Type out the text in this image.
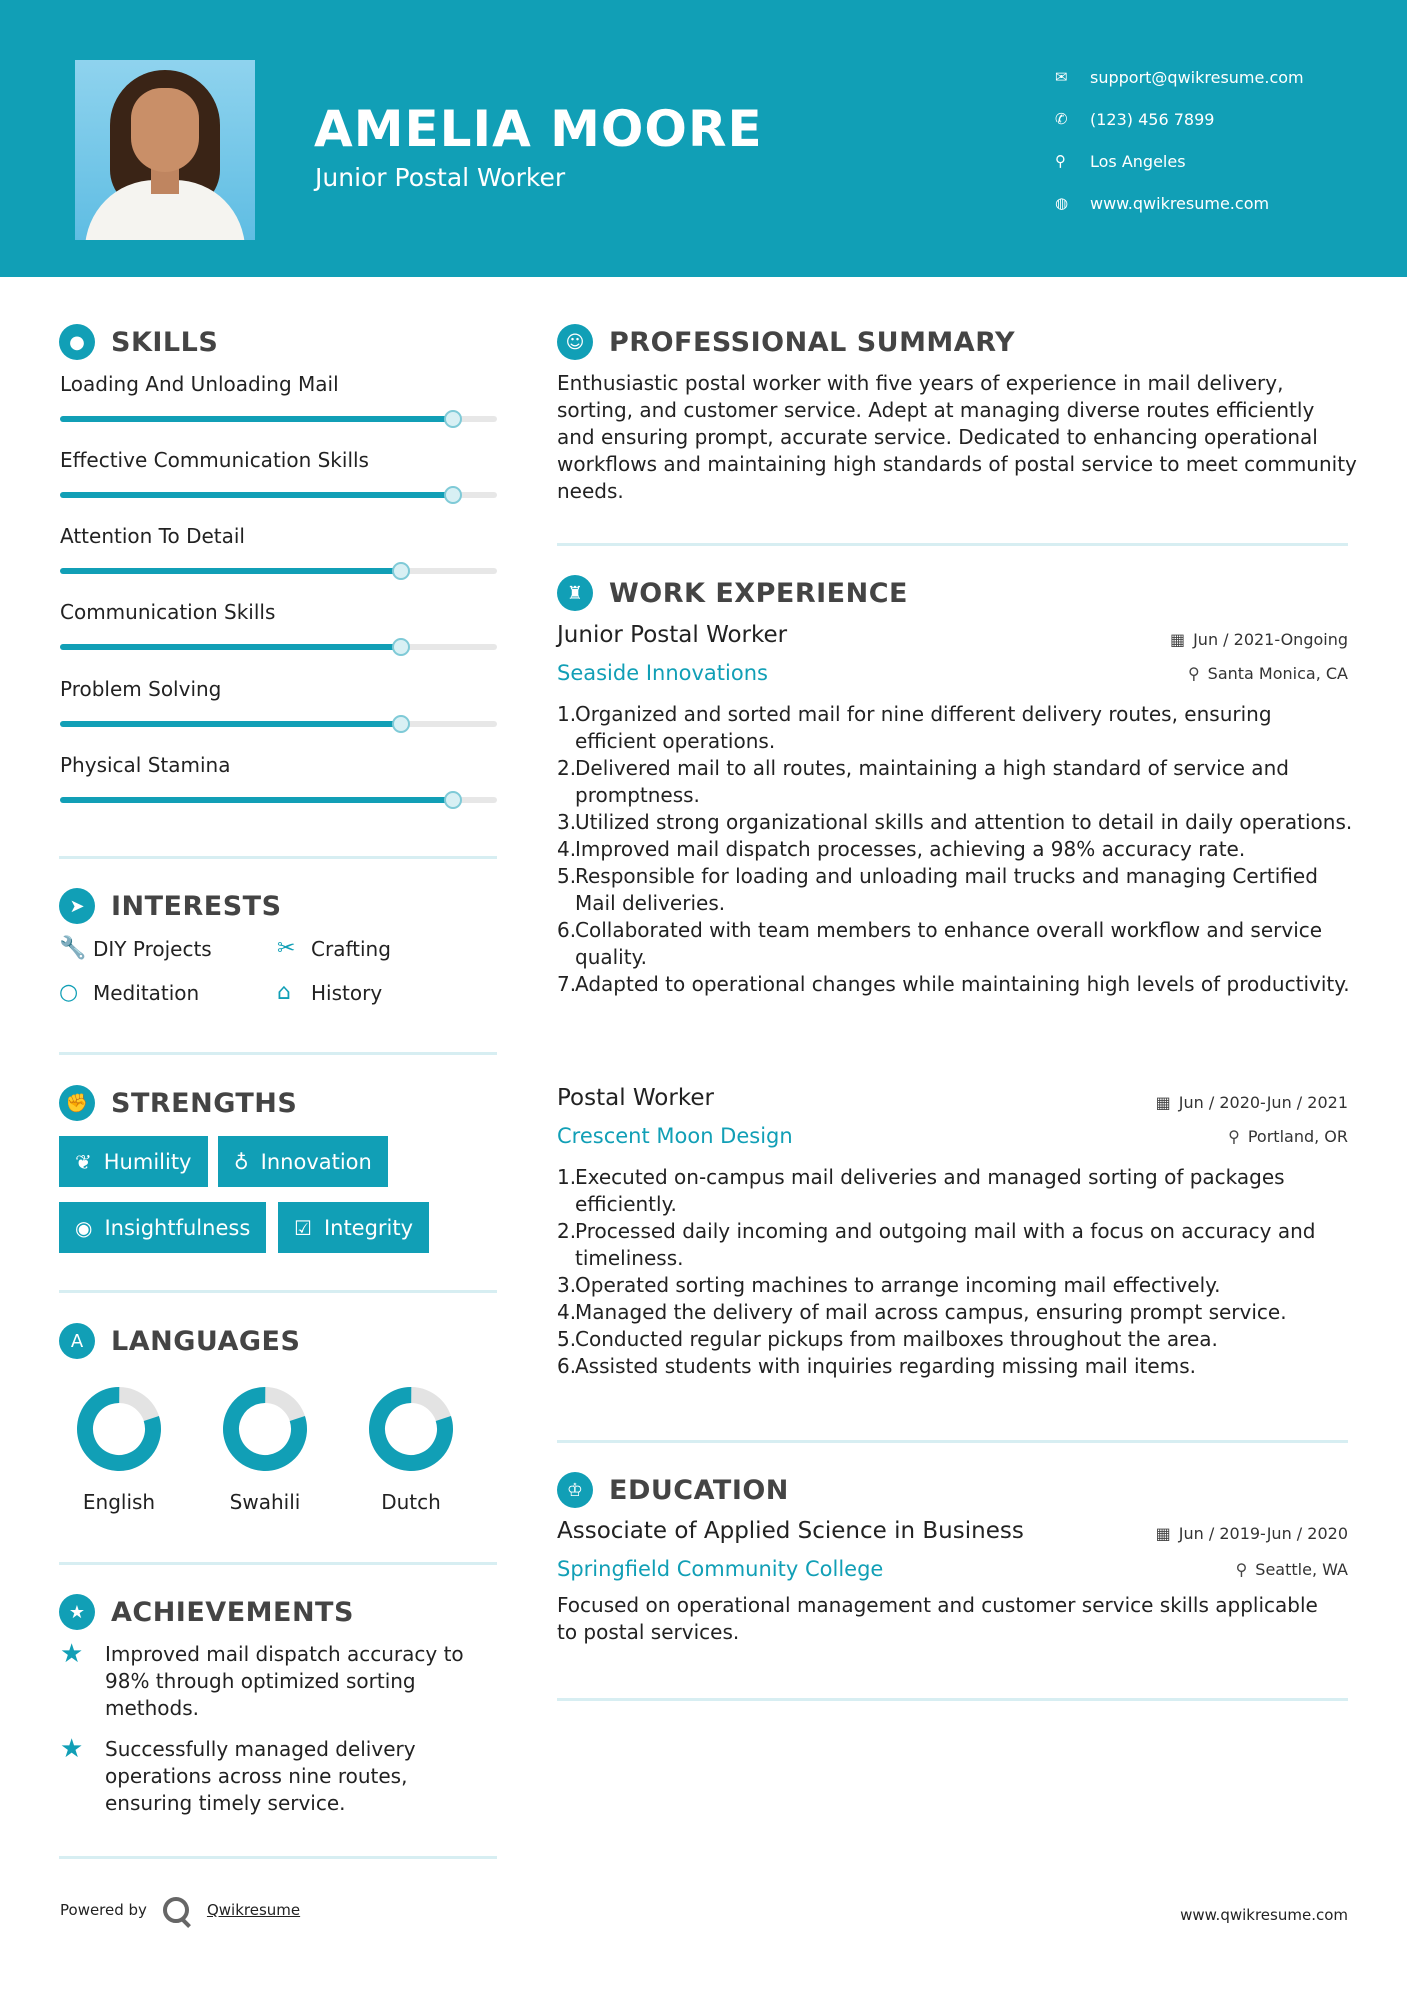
AMELIA MOORE
Junior Postal Worker
✉	support@qwikresume.com
✆	(123) 456 7899
⚲	Los Angeles
◍	www.qwikresume.com
● SKILLS
Loading And Unloading Mail
Effective Communication Skills
Attention To Detail
Communication Skills
Problem Solving
Physical Stamina
➤ INTERESTS
🔧 DIY Projects	✂ Crafting
○ Meditation	⌂	History
✊ STRENGTHS
❦ Humility ♁ Innovation
◉ Insightfulness ☑ Integrity
A	LANGUAGES
English	Swahili	Dutch
★ ACHIEVEMENTS
★	Improved mail dispatch accuracy to 98% through optimized sorting methods.
★	Successfully managed delivery operations across nine routes, ensuring timely service.
☺ PROFESSIONAL SUMMARY
Enthusiastic postal worker with five years of experience in mail delivery, sorting, and customer service. Adept at managing diverse routes efficiently and ensuring prompt, accurate service. Dedicated to enhancing operational workflows and maintaining high standards of postal service to meet community needs.
♜ WORK EXPERIENCE
Junior Postal Worker	▦ Jun / 2021-Ongoing
Seaside Innovations	⚲ Santa Monica, CA
1.
Organized and sorted mail for nine different delivery routes, ensuring efficient operations.
2.
Delivered mail to all routes, maintaining a high standard of service and promptness.
3.
Utilized strong organizational skills and attention to detail in daily operations.
4.
Improved mail dispatch processes, achieving a 98% accuracy rate.
5.
Responsible for loading and unloading mail trucks and managing Certified Mail deliveries.
6.
Collaborated with team members to enhance overall workflow and service quality.
7.
Adapted to operational changes while maintaining high levels of productivity.
Postal Worker	▦ Jun / 2020-Jun / 2021
Crescent Moon Design	⚲ Portland, OR
1.
Executed on-campus mail deliveries and managed sorting of packages efficiently.
2.
Processed daily incoming and outgoing mail with a focus on accuracy and timeliness.
3.
Operated sorting machines to arrange incoming mail effectively.
4.
Managed the delivery of mail across campus, ensuring prompt service.
5.
Conducted regular pickups from mailboxes throughout the area.
6.
Assisted students with inquiries regarding missing mail items.
♔ EDUCATION
Associate of Applied Science in Business	▦ Jun / 2019-Jun / 2020
Springfield Community College	⚲ Seattle, WA
Focused on operational management and customer service skills applicable to postal services.
Powered by	Qwikresume	www.qwikresume.com
